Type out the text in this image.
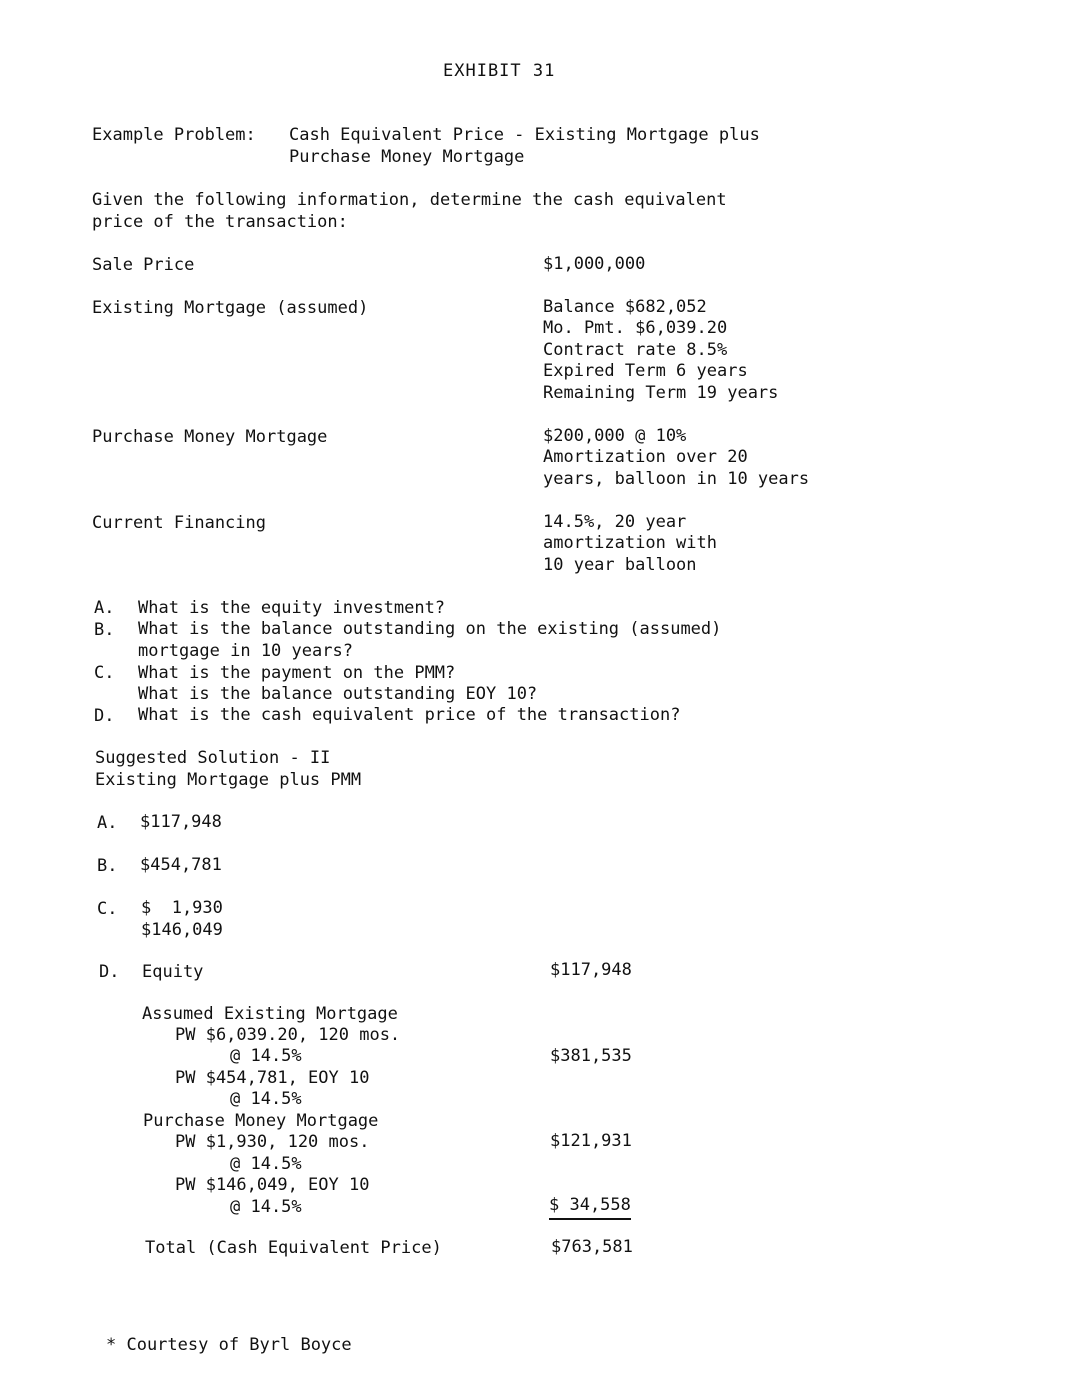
EXHIBIT 31
Example Problem: Cash Equivalent Price - Existing Mortgage plus
Purchase Money Mortgage
Given the following information, determine the cash equivalent
price of the transaction:
Sale Price	$1,000,000
Existing Mortgage (assumed)	Balance $682,052
Mo. Pmt. $6,039.20
Contract rate 8.5%
Expired Term 6 years
Remaining Term 19 years
Purchase Money Mortgage	$200,000 @ 10%
Amortization over 20
years, balloon in 10 years
Current Financing	14.5%, 20 year
amortization with
10 year balloon
A. What is the equity investment?
B. What is the balance outstanding on the existing (assumed)
mortgage in 10 years?
C. What is the payment on the PMM?
What is the balance outstanding EOY 10?
D. What is the cash equivalent price of the transaction?
Suggested Solution - II
Existing Mortgage plus PMM
A. $117,948
B. $454,781
C. $  1,930
$146,049
D. Equity	$117,948
Assumed Existing Mortgage
PW $6,039.20, 120 mos.
@ 14.5%	$381,535
PW $454,781, EOY 10
@ 14.5%
Purchase Money Mortgage
PW $1,930, 120 mos.	$121,931
@ 14.5%
PW $146,049, EOY 10
@ 14.5%	$ 34,558
Total (Cash Equivalent Price)	$763,581
* Courtesy of Byrl Boyce
